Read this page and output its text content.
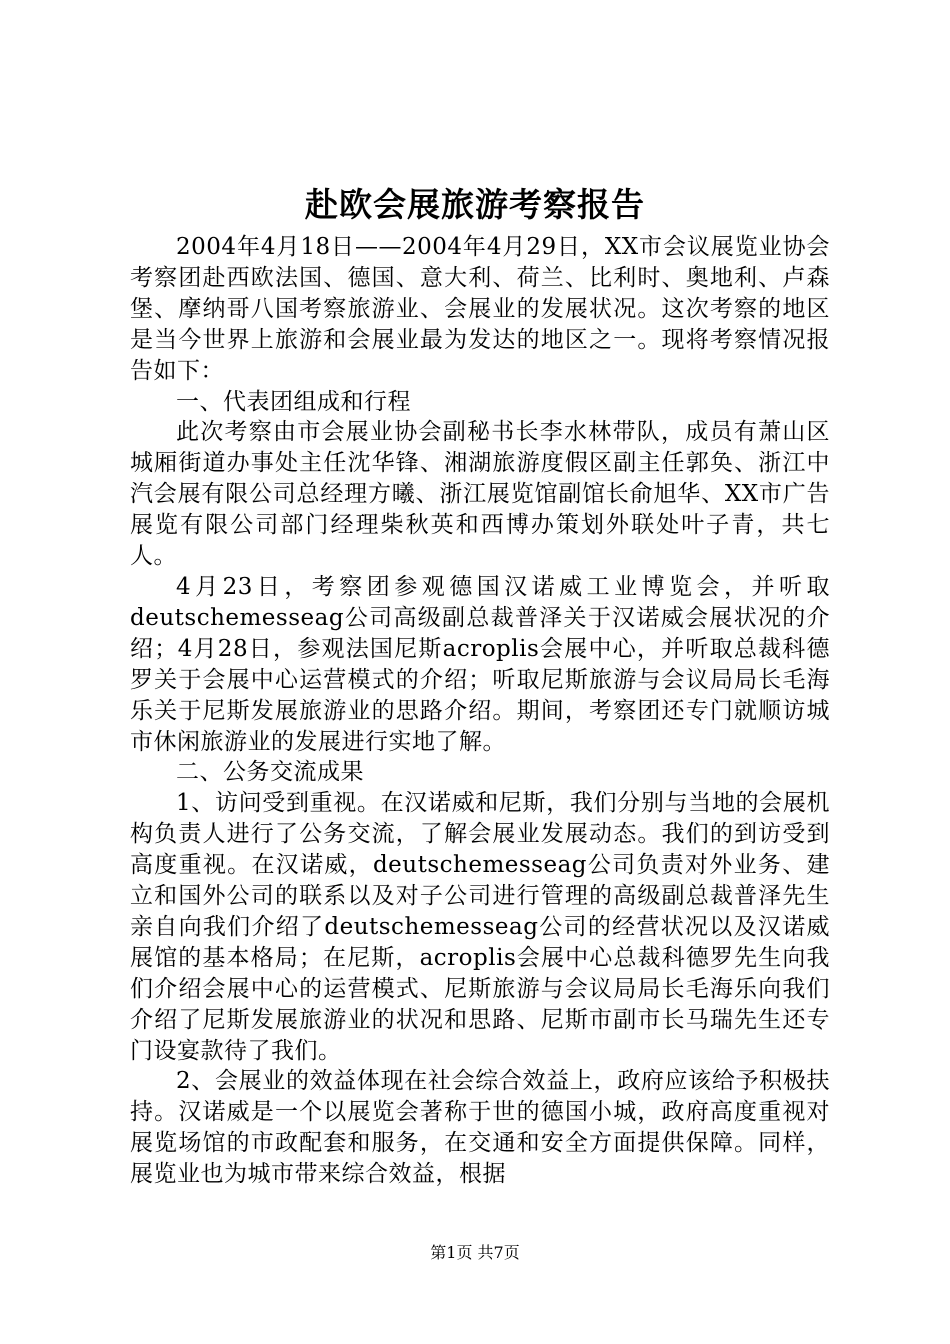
赴欧会展旅游考察报告

2004年4月18日——2004年4月29日，XX市会议展览业协会考察团赴西欧法国、德国、意大利、荷兰、比利时、奥地利、卢森堡、摩纳哥八国考察旅游业、会展业的发展状况。这次考察的地区是当今世界上旅游和会展业最为发达的地区之一。现将考察情况报告如下：

一、代表团组成和行程

此次考察由市会展业协会副秘书长李水林带队，成员有萧山区城厢街道办事处主任沈华锋、湘湖旅游度假区副主任郭奂、浙江中汽会展有限公司总经理方曦、浙江展览馆副馆长俞旭华、XX市广告展览有限公司部门经理柴秋英和西博办策划外联处叶子青，共七人。

4月23日，考察团参观德国汉诺威工业博览会，并听取deutschemesseag公司高级副总裁普泽关于汉诺威会展状况的介绍；4月28日，参观法国尼斯acroplis会展中心，并听取总裁科德罗关于会展中心运营模式的介绍；听取尼斯旅游与会议局局长毛海乐关于尼斯发展旅游业的思路介绍。期间，考察团还专门就顺访城市休闲旅游业的发展进行实地了解。

二、公务交流成果

1、访问受到重视。在汉诺威和尼斯，我们分别与当地的会展机构负责人进行了公务交流，了解会展业发展动态。我们的到访受到高度重视。在汉诺威，deutschemesseag公司负责对外业务、建立和国外公司的联系以及对子公司进行管理的高级副总裁普泽先生亲自向我们介绍了deutschemesseag公司的经营状况以及汉诺威展馆的基本格局；在尼斯，acroplis会展中心总裁科德罗先生向我们介绍会展中心的运营模式、尼斯旅游与会议局局长毛海乐向我们介绍了尼斯发展旅游业的状况和思路、尼斯市副市长马瑞先生还专门设宴款待了我们。

2、会展业的效益体现在社会综合效益上，政府应该给予积极扶持。汉诺威是一个以展览会著称于世的德国小城，政府高度重视对展览场馆的市政配套和服务，在交通和安全方面提供保障。同样，展览业也为城市带来综合效益，根据

第1页 共7页
